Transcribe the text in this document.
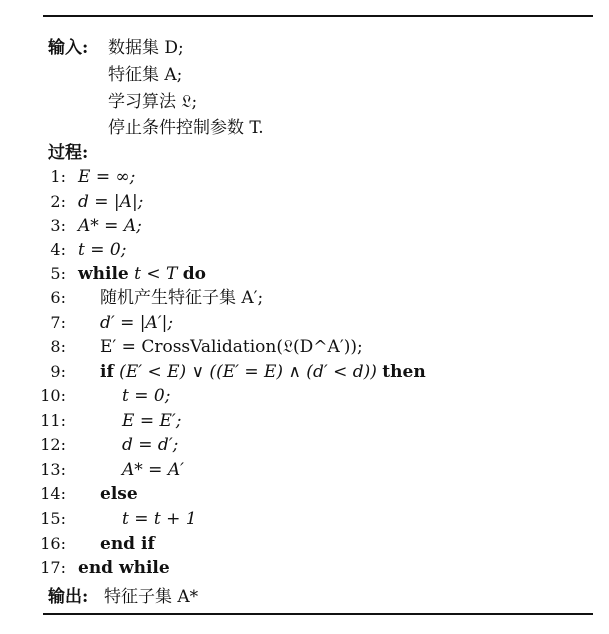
输入: 数据集 D;
特征集 A;
学习算法 𝔏;
停止条件控制参数 T.
过程:
1: E = ∞;
2: d = |A|;
3: A* = A;
4: t = 0;
5: while t < T do
6: 随机产生特征子集 A′;
7: d′ = |A′|;
8: E′ = CrossValidation(𝔏(D^A′));
9: if (E′ < E) ∨ ((E′ = E) ∧ (d′ < d)) then
10:	t = 0;
11:	E = E′;
12:	d = d′;
13:	A* = A′
14: else
15:	t = t + 1
16: end if
17: end while
输出: 特征子集 A*
